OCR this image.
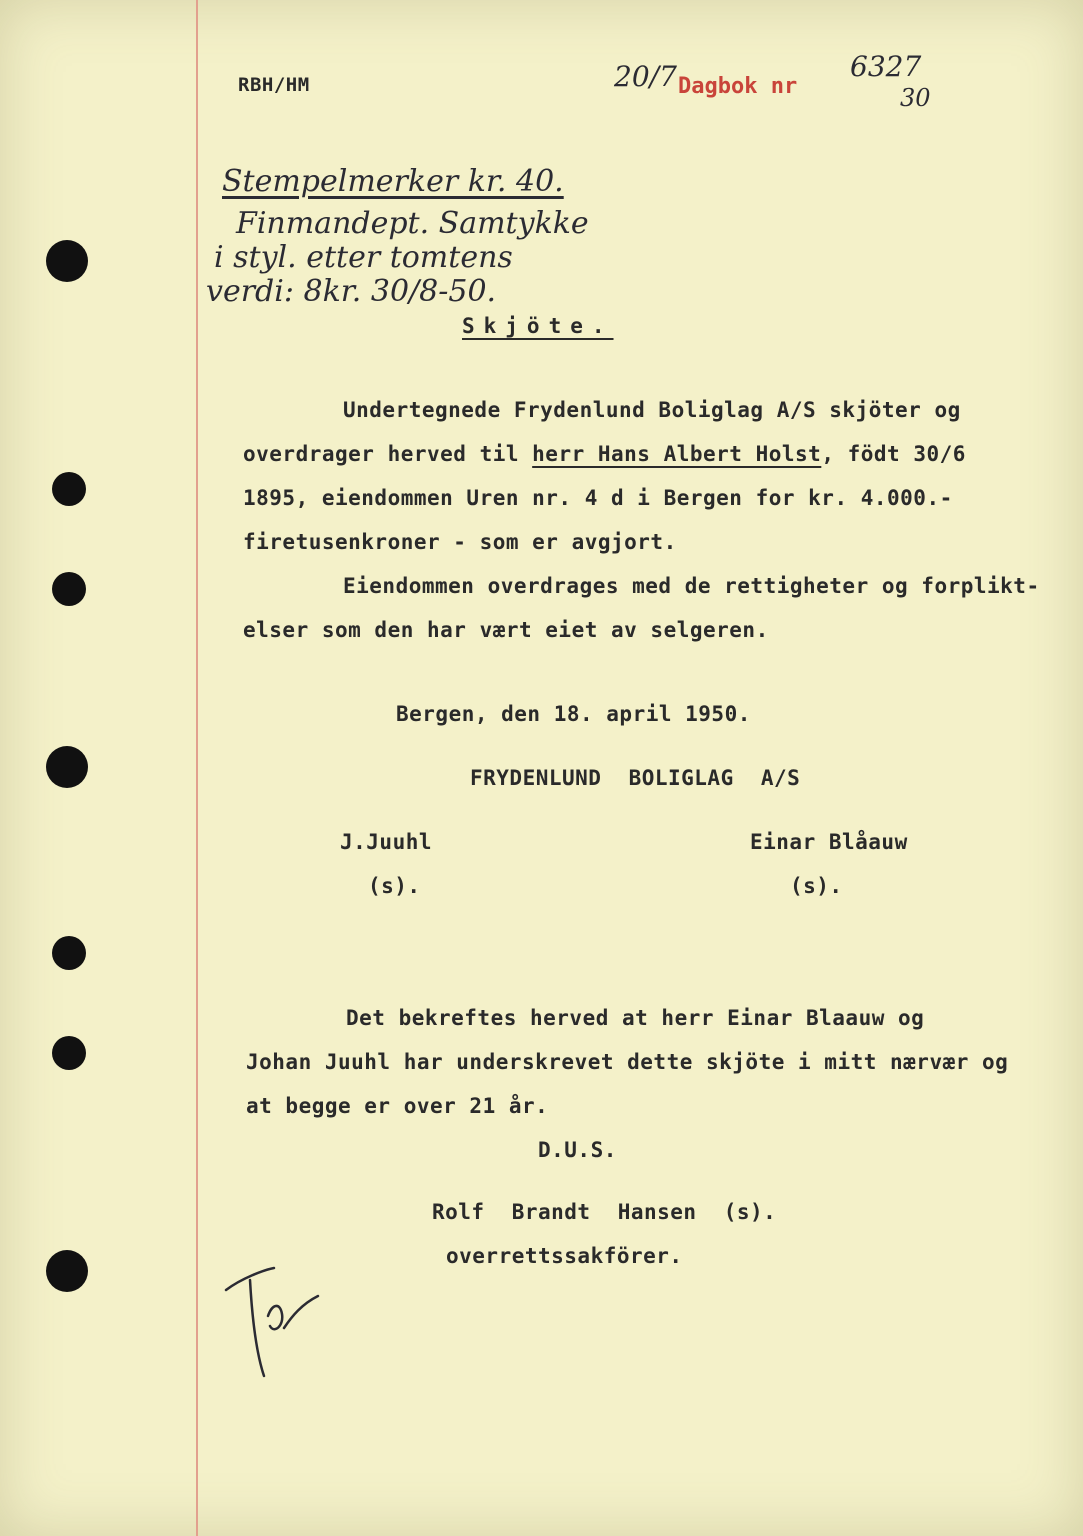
RBH/HM	20/7 Dagbok nr
6327
30
Stempelmerker kr. 40.
Finmandept. Samtykke
i styl. etter tomtens
verdi: 8kr. 30/8-50.
Skjöte.
Undertegnede Frydenlund Boliglag A/S skjöter og
overdrager herved til herr Hans Albert Holst, födt 30/6
1895, eiendommen Uren nr. 4 d i Bergen for kr. 4.000.-
firetusenkroner - som er avgjort.
Eiendommen overdrages med de rettigheter og forplikt-
elser som den har vært eiet av selgeren.
Bergen, den 18. april 1950.
FRYDENLUND BOLIGLAG A/S
J.Juuhl
(s).
Einar Blåauw
(s).
Det bekreftes herved at herr Einar Blaauw og
Johan Juuhl har underskrevet dette skjöte i mitt nærvær og
at begge er over 21 år.
D.U.S.
Rolf Brandt Hansen (s).
overrettssakförer.
